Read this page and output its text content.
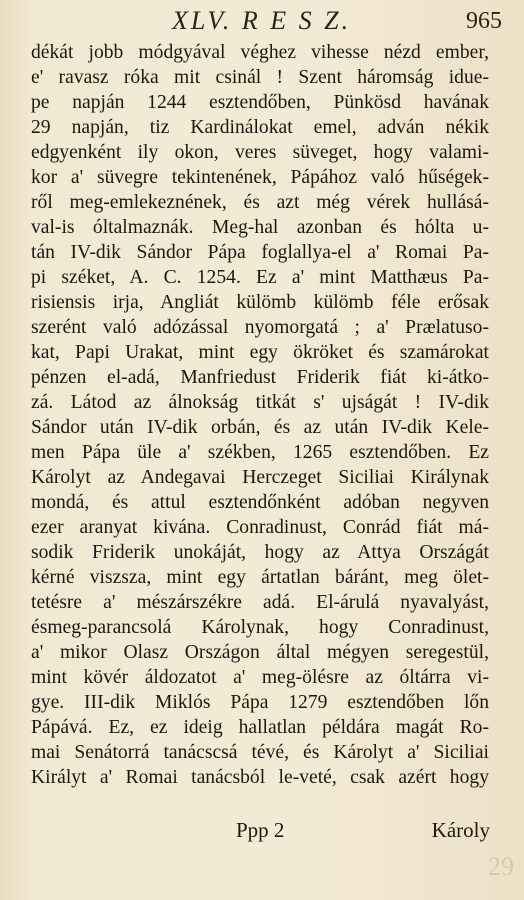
XLV. R E S Z.	965
dékát jobb módgyával véghez vihesse nézd ember,
e' ravasz róka mit csinál ! Szent háromság idue-
pe napján 1244 esztendőben, Pünkösd havának
29 napján, tiz Kardinálokat emel, adván nékik
edgyenként ily okon, veres süveget, hogy valami-
kor a' süvegre tekintenének, Pápához való hűségek-
ről meg-emlekeznének, és azt még vérek hullásá-
val-is óltalmaznák. Meg-hal azonban és hólta u-
tán IV-dik Sándor Pápa foglallya-el a' Romai Pa-
pi széket, A. C. 1254. Ez a' mint Matthæus Pa-
risiensis irja, Angliát külömb külömb féle erősak
szerént való adózással nyomorgatá ; a' Prælatuso-
kat, Papi Urakat, mint egy ökröket és szamárokat
pénzen el-adá, Manfriedust Friderik fiát ki-átko-
zá. Látod az álnokság titkát s' ujságát ! IV-dik
Sándor után IV-dik orbán, és az után IV-dik Kele-
men Pápa üle a' székben, 1265 esztendőben. Ez
Károlyt az Andegavai Herczeget Siciliai Királynak
mondá, és attul esztendőnként adóban negyven
ezer aranyat kivána. Conradinust, Conrád fiát má-
sodik Friderik unokáját, hogy az Attya Országát
kérné viszsza, mint egy ártatlan báránt, meg ölet-
tetésre a' mészárszékre adá. El-árulá nyavalyást,
ésmeg-parancsolá Károlynak, hogy Conradinust,
a' mikor Olasz Országon által mégyen seregestül,
mint kövér áldozatot a' meg-ölésre az óltárra vi-
gye. III-dik Miklós Pápa 1279 esztendőben lőn
Pápává. Ez, ez ideig hallatlan példára magát Ro-
mai Senátorrá tanácscsá tévé, és Károlyt a' Siciliai
Királyt a' Romai tanácsból le-veté, csak azért hogy
Ppp 2	Károly
29
